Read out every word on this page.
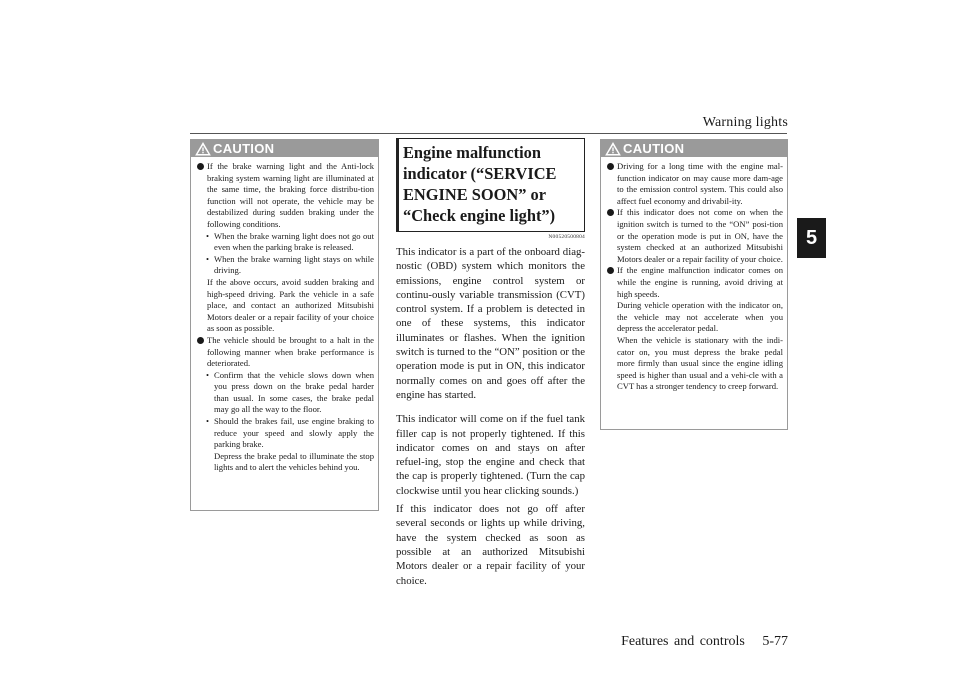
Warning lights
5
CAUTION
If the brake warning light and the Anti-lock braking system warning light are illuminated at the same time, the braking force distribu-tion function will not operate, the vehicle may be destabilized during sudden braking under the following conditions.
• When the brake warning light does not go out even when the parking brake is released.
• When the brake warning light stays on while driving.

If the above occurs, avoid sudden braking and high-speed driving. Park the vehicle in a safe place, and contact an authorized Mitsubishi Motors dealer or a repair facility of your choice as soon as possible.

The vehicle should be brought to a halt in the following manner when brake performance is deteriorated.
• Confirm that the vehicle slows down when you press down on the brake pedal harder than usual. In some cases, the brake pedal may go all the way to the floor.
• Should the brakes fail, use engine braking to reduce your speed and slowly apply the parking brake.

Depress the brake pedal to illuminate the stop lights and to alert the vehicles behind you.

Engine malfunction indicator (“SERVICE ENGINE SOON” or “Check engine light”)
N00520500804

This indicator is a part of the onboard diag-nostic (OBD) system which monitors the emissions, engine control system or continu-ously variable transmission (CVT) control system. If a problem is detected in one of these systems, this indicator illuminates or flashes. When the ignition switch is turned to the “ON” position or the operation mode is put in ON, this indicator normally comes on and goes off after the engine has started.

This indicator will come on if the fuel tank filler cap is not properly tightened. If this indicator comes on and stays on after refuel-ing, stop the engine and check that the cap is properly tightened. (Turn the cap clockwise until you hear clicking sounds.)

If this indicator does not go off after several seconds or lights up while driving, have the system checked as soon as possible at an authorized Mitsubishi Motors dealer or a repair facility of your choice.

CAUTION
Driving for a long time with the engine mal-function indicator on may cause more dam-age to the emission control system. This could also affect fuel economy and drivabil-ity.
If this indicator does not come on when the ignition switch is turned to the “ON” posi-tion or the operation mode is put in ON, have the system checked at an authorized Mitsubishi Motors dealer or a repair facility of your choice.
If the engine malfunction indicator comes on while the engine is running, avoid driving at high speeds.

During vehicle operation with the indicator on, the vehicle may not accelerate when you depress the accelerator pedal.

When the vehicle is stationary with the indi-cator on, you must depress the brake pedal more firmly than usual since the engine idling speed is higher than usual and a vehi-cle with a CVT has a stronger tendency to creep forward.

Features and controls 5-77
